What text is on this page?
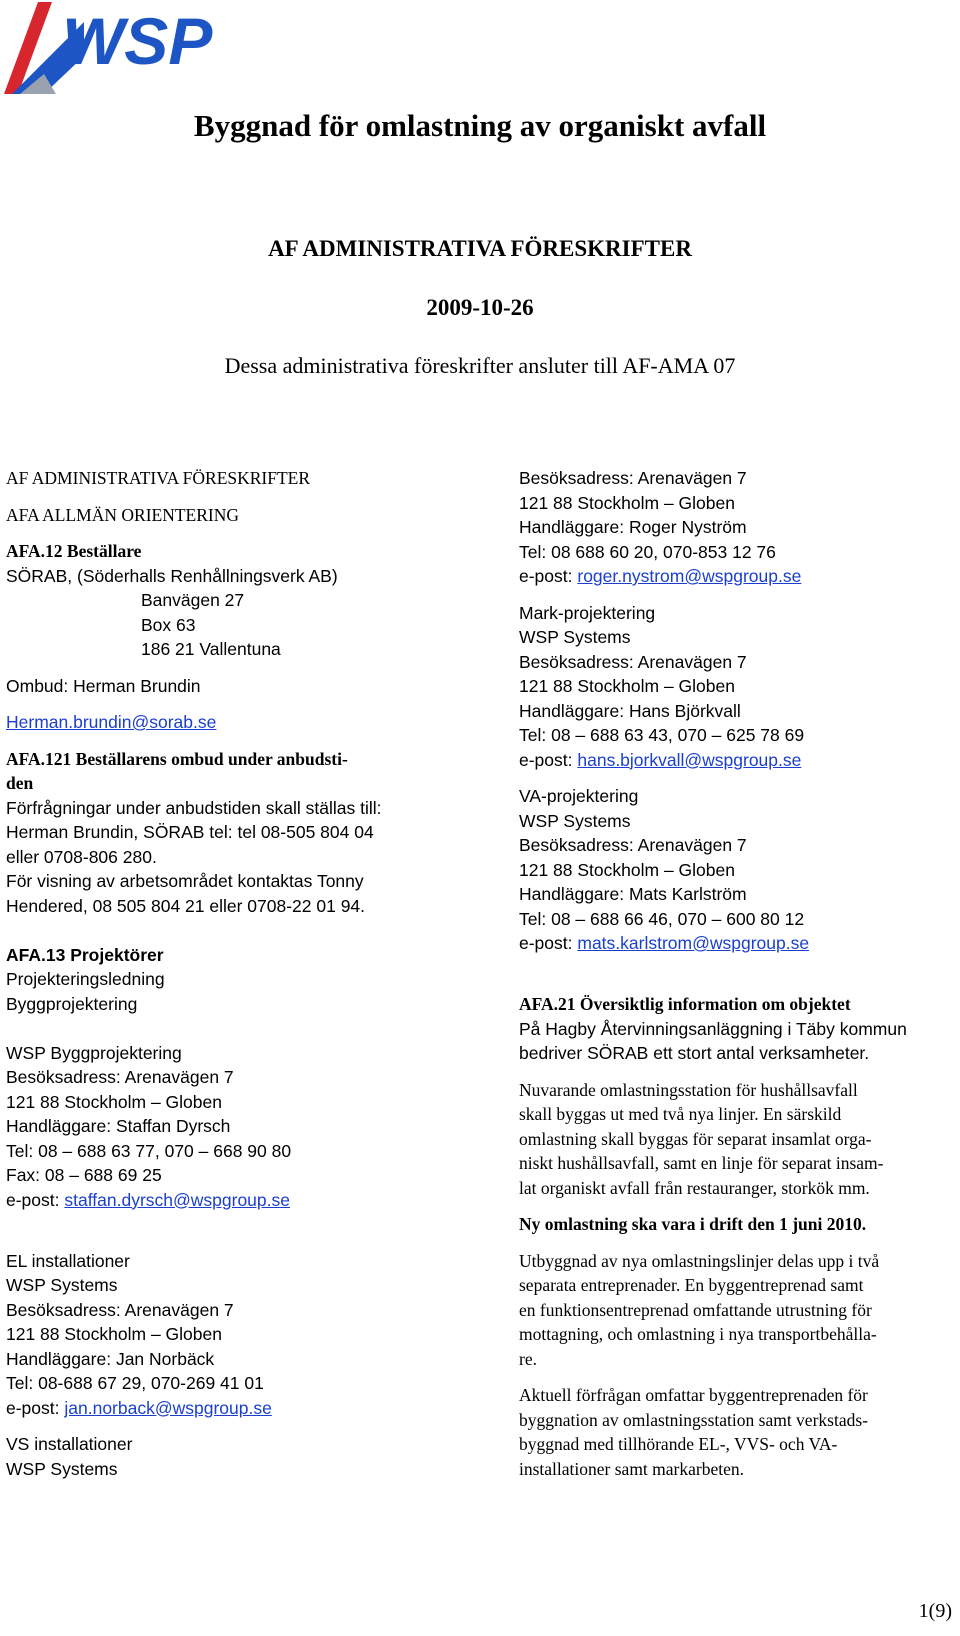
WSP
Byggnad för omlastning av organiskt avfall
AF ADMINISTRATIVA FÖRESKRIFTER
2009-10-26
Dessa administrativa föreskrifter ansluter till AF-AMA 07
AF ADMINISTRATIVA FÖRESKRIFTER
AFA ALLMÄN ORIENTERING
AFA.12 Beställare
SÖRAB, (Söderhalls Renhållningsverk AB)
Banvägen 27
Box 63
186 21 Vallentuna
Ombud: Herman Brundin
Herman.brundin@sorab.se
AFA.121 Beställarens ombud under anbudsti-
den
Förfrågningar under anbudstiden skall ställas till:
Herman Brundin, SÖRAB tel: tel 08-505 804 04
eller 0708-806 280.
För visning av arbetsområdet kontaktas Tonny
Hendered, 08 505 804 21 eller 0708-22 01 94.
AFA.13 Projektörer
Projekteringsledning
Byggprojektering
WSP Byggprojektering
Besöksadress: Arenavägen 7
121 88 Stockholm – Globen
Handläggare: Staffan Dyrsch
Tel: 08 – 688 63 77, 070 – 668 90 80
Fax: 08 – 688 69 25
e-post: staffan.dyrsch@wspgroup.se
EL installationer
WSP Systems
Besöksadress: Arenavägen 7
121 88 Stockholm – Globen
Handläggare: Jan Norbäck
Tel: 08-688 67 29, 070-269 41 01
e-post: jan.norback@wspgroup.se
VS installationer
WSP Systems
Besöksadress: Arenavägen 7
121 88 Stockholm – Globen
Handläggare: Roger Nyström
Tel: 08 688 60 20, 070-853 12 76
e-post: roger.nystrom@wspgroup.se
Mark-projektering
WSP Systems
Besöksadress: Arenavägen 7
121 88 Stockholm – Globen
Handläggare: Hans Björkvall
Tel: 08 – 688 63 43, 070 – 625 78 69
e-post: hans.bjorkvall@wspgroup.se
VA-projektering
WSP Systems
Besöksadress: Arenavägen 7
121 88 Stockholm – Globen
Handläggare: Mats Karlström
Tel: 08 – 688 66 46, 070 – 600 80 12
e-post: mats.karlstrom@wspgroup.se
AFA.21 Översiktlig information om objektet
På Hagby Återvinningsanläggning i Täby kommun
bedriver SÖRAB ett stort antal verksamheter.
Nuvarande omlastningsstation för hushållsavfall
skall byggas ut med två nya linjer. En särskild
omlastning skall byggas för separat insamlat orga-
niskt hushållsavfall, samt en linje för separat insam-
lat organiskt avfall från restauranger, storkök mm.
Ny omlastning ska vara i drift den 1 juni 2010.
Utbyggnad av nya omlastningslinjer delas upp i två
separata entreprenader. En byggentreprenad samt
en funktionsentreprenad omfattande utrustning för
mottagning, och omlastning i nya transportbehålla-
re.
Aktuell förfrågan omfattar byggentreprenaden för
byggnation av omlastningsstation samt verkstads-
byggnad med tillhörande EL-, VVS- och VA-
installationer samt markarbeten.
1(9)
